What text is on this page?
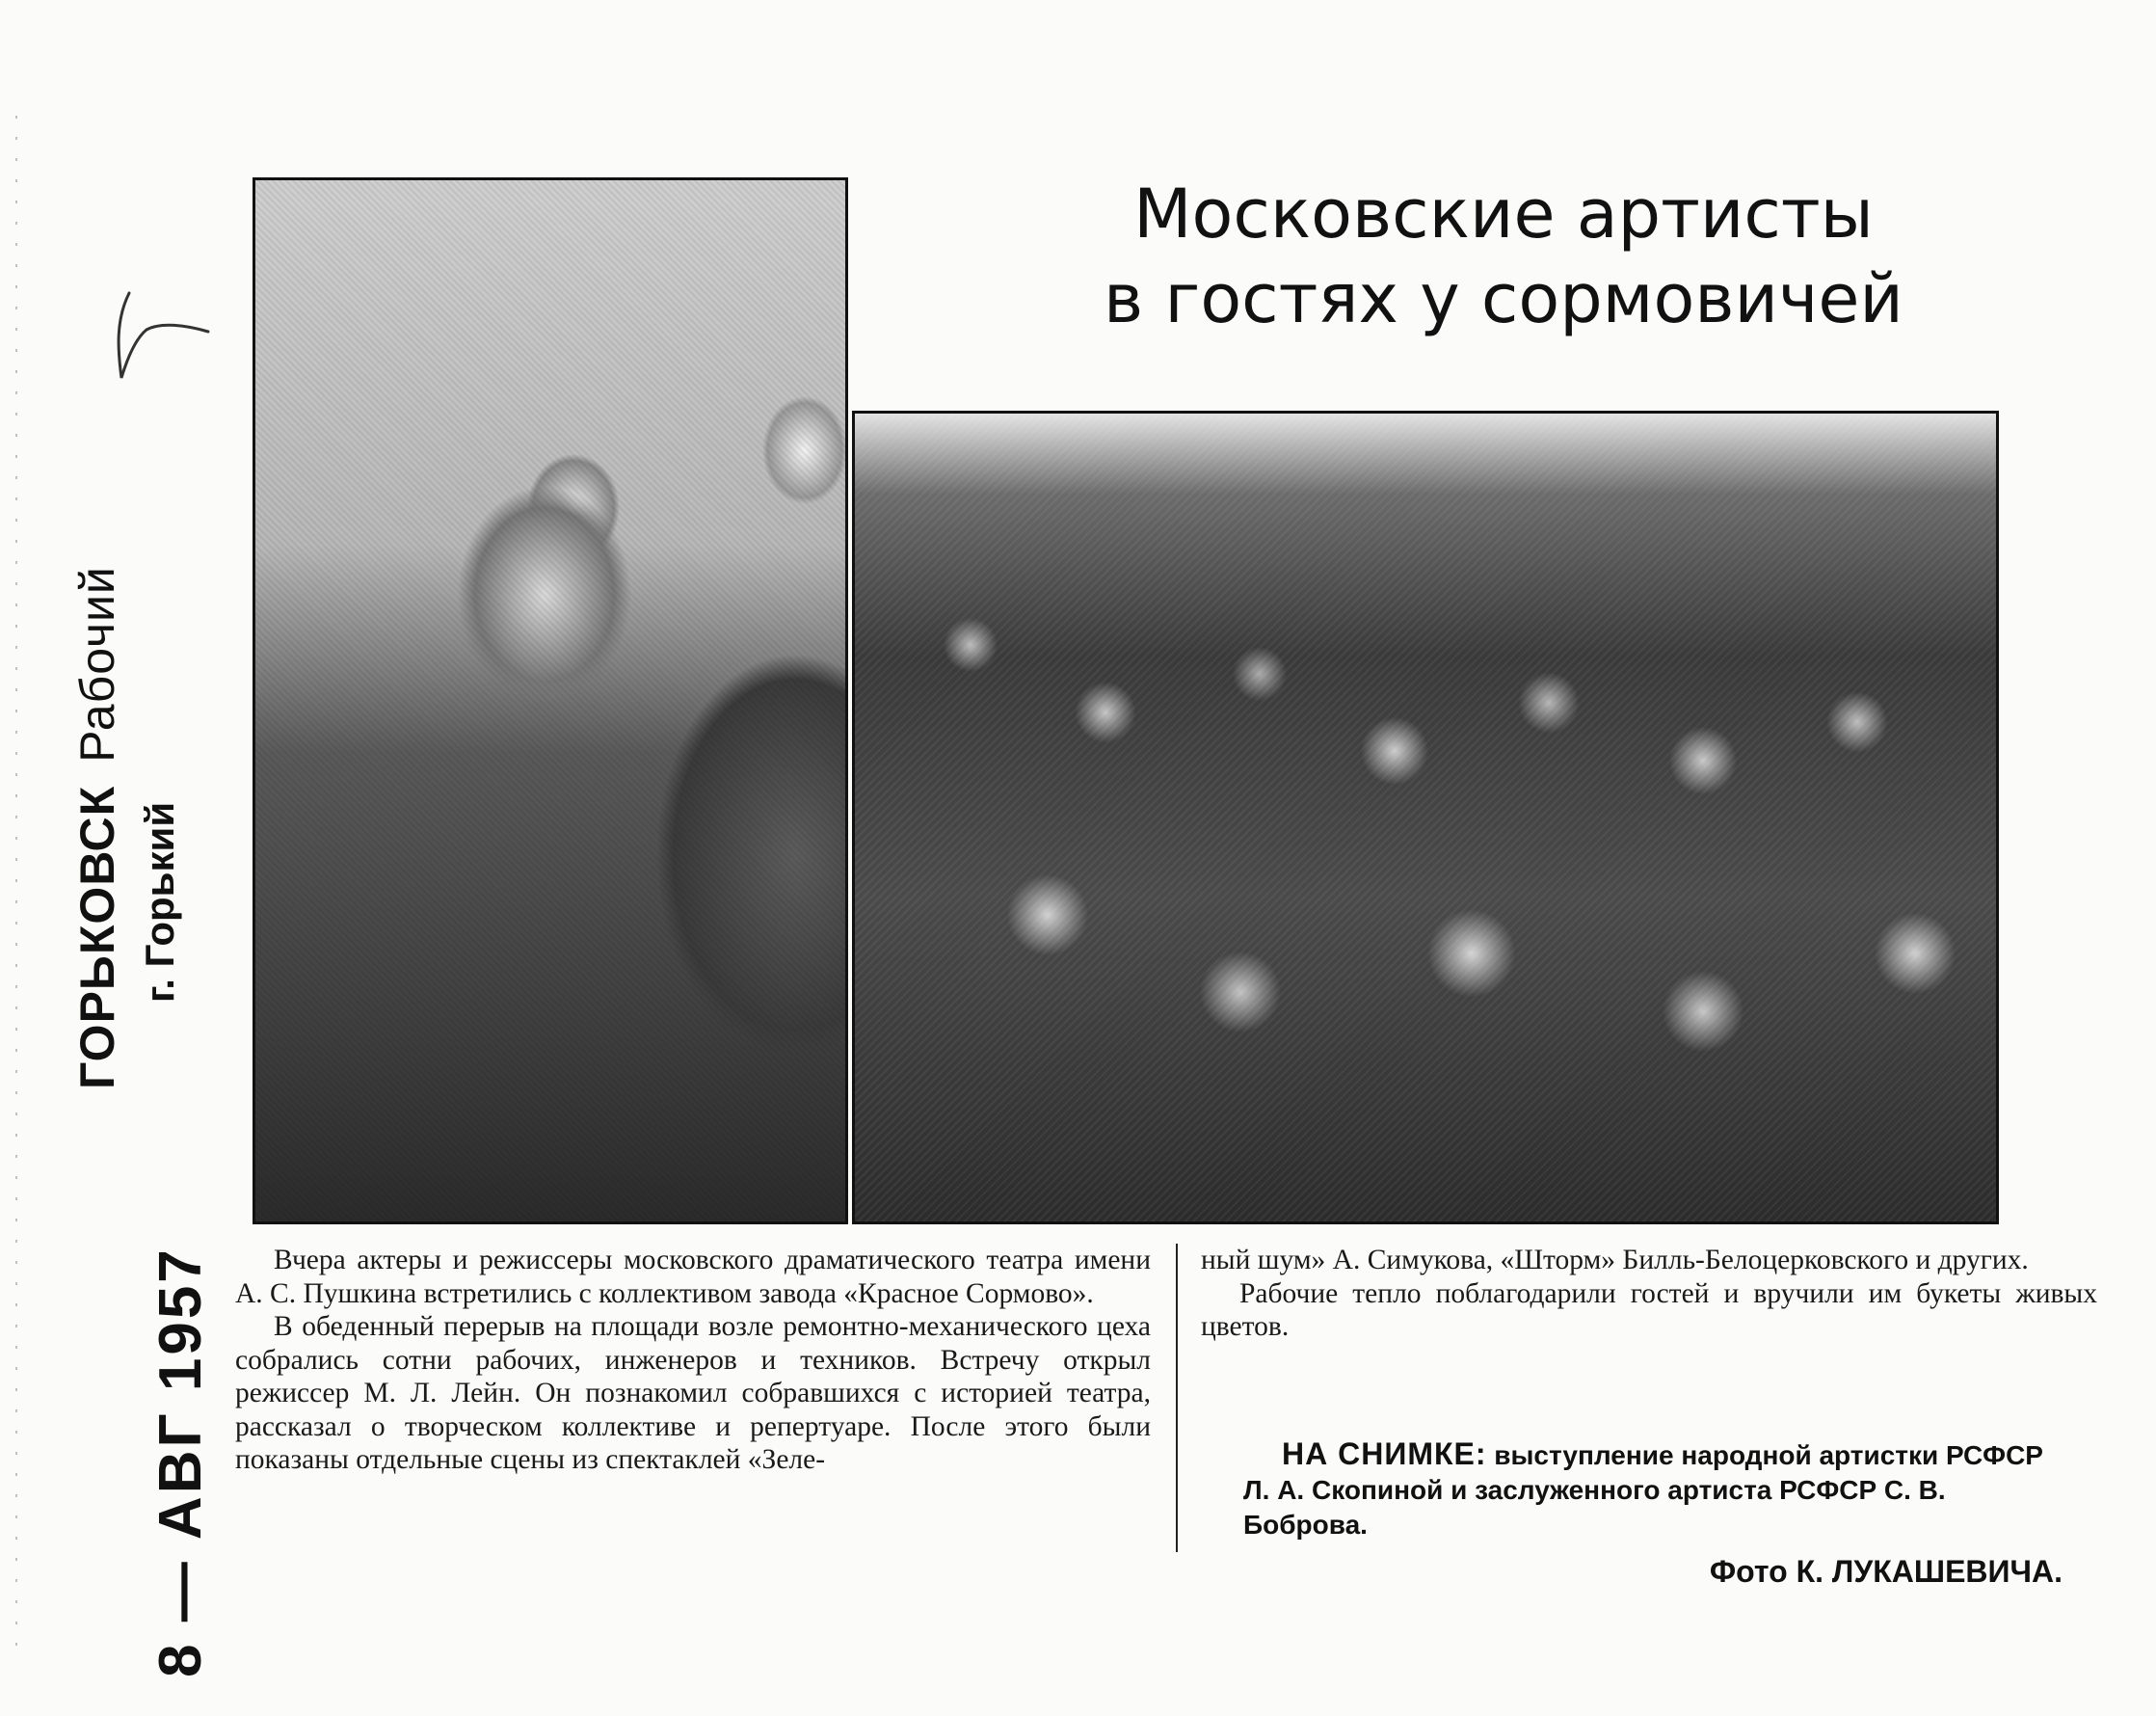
ГОРЬКОВСКРабочий
г. Горький
8 — АВГ 1957
Московские артисты
в гостях у сормовичей

Вчера актеры и режиссеры московского драматического театра имени А. С. Пушкина встретились с коллективом завода «Красное Сормово».

В обеденный перерыв на площади возле ремонтно-механического цеха собрались сотни рабочих, инженеров и техников. Встречу открыл режиссер М. Л. Лейн. Он познакомил собравшихся с историей театра, рассказал о творческом коллективе и репертуаре. После этого были показаны отдельные сцены из спектаклей «Зеле-

ный шум» А. Симукова, «Шторм» Билль-Белоцерковского и других.

Рабочие тепло поблагодарили гостей и вручили им букеты живых цветов.

НА СНИМКЕ: выступление народной артистки РСФСР Л. А. Скопиной и заслуженного артиста РСФСР С. В. Боброва.
Фото К. ЛУКАШЕВИЧА.
